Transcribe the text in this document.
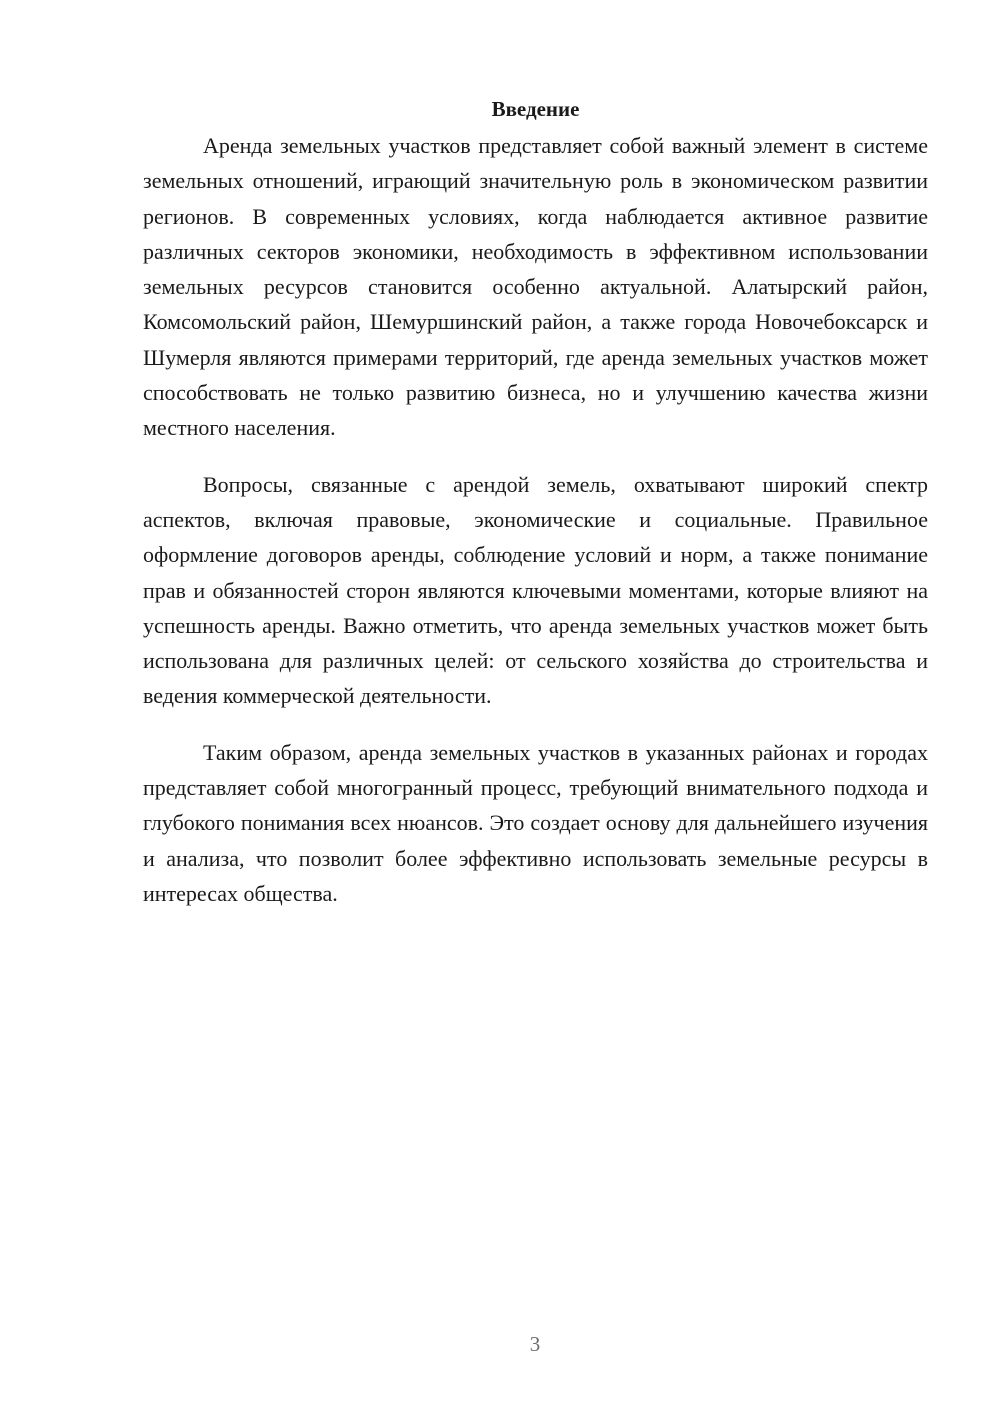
Введение

Аренда земельных участков представляет собой важный элемент в системе земельных отношений, играющий значительную роль в экономическом развитии регионов. В современных условиях, когда наблюдается активное развитие различных секторов экономики, необходимость в эффективном использовании земельных ресурсов становится особенно актуальной. Алатырский район, Комсомольский район, Шемуршинский район, а также города Новочебоксарск и Шумерля являются примерами территорий, где аренда земельных участков может способствовать не только развитию бизнеса, но и улучшению качества жизни местного населения.

Вопросы, связанные с арендой земель, охватывают широкий спектр аспектов, включая правовые, экономические и социальные. Правильное оформление договоров аренды, соблюдение условий и норм, а также понимание прав и обязанностей сторон являются ключевыми моментами, которые влияют на успешность аренды. Важно отметить, что аренда земельных участков может быть использована для различных целей: от сельского хозяйства до строительства и ведения коммерческой деятельности.

Таким образом, аренда земельных участков в указанных районах и городах представляет собой многогранный процесс, требующий внимательного подхода и глубокого понимания всех нюансов. Это создает основу для дальнейшего изучения и анализа, что позволит более эффективно использовать земельные ресурсы в интересах общества.

3
